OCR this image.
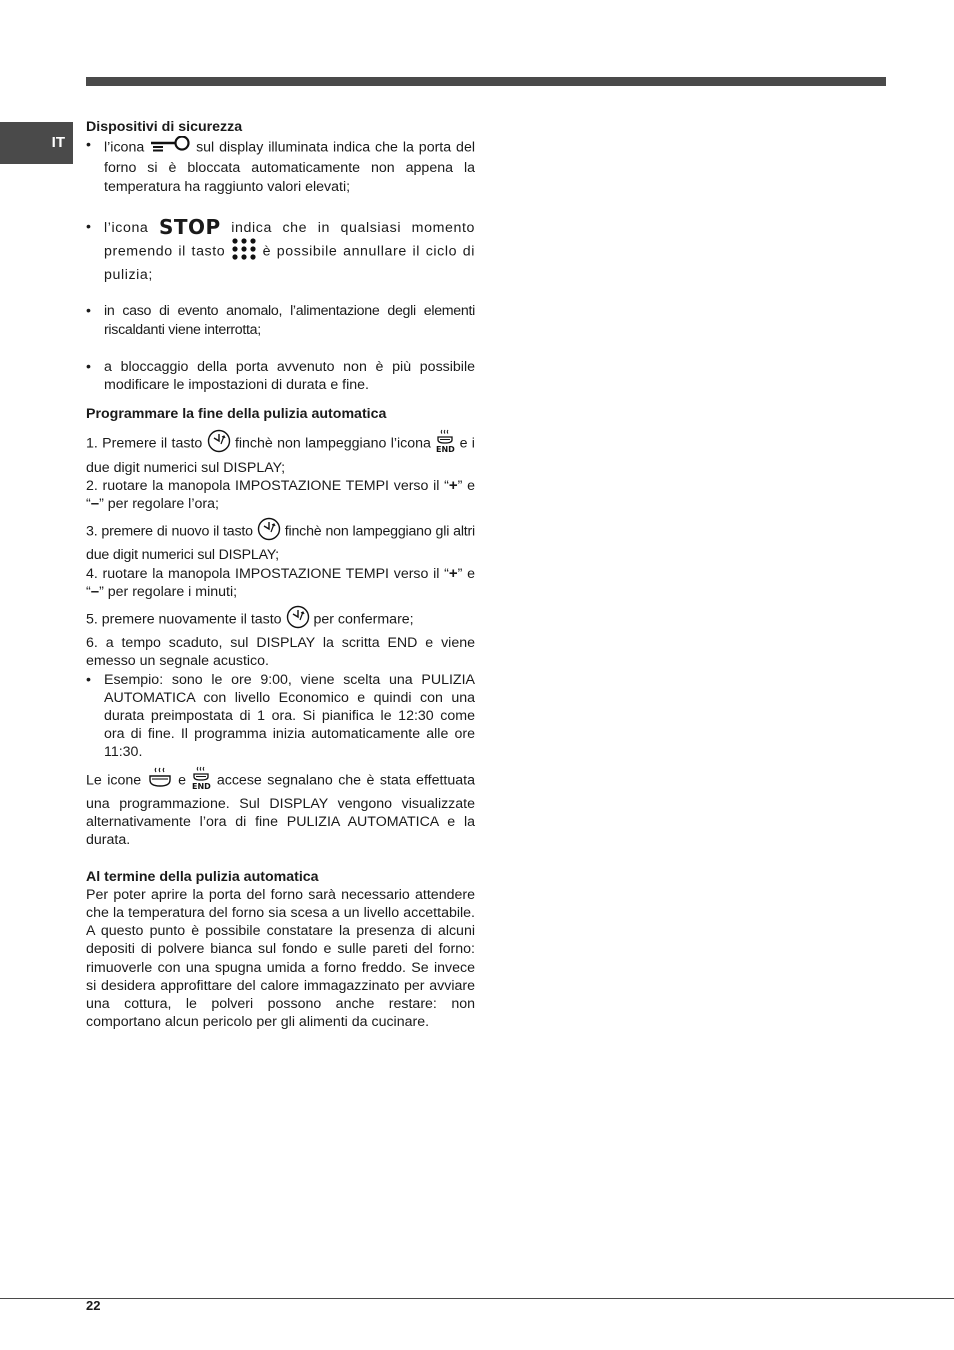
IT
Dispositivi di sicurezza
• l’icona	sul display illuminata indica che la porta del forno si è bloccata automaticamente non appena la temperatura ha raggiunto valori elevati;
• l’icona STOP indica che in qualsiasi momento premendo il tasto	è possibile annullare il ciclo di pulizia;
• in caso di evento anomalo, l’alimentazione degli elementi riscaldanti viene interrotta;
• a bloccaggio della porta avvenuto non è più possibile modificare le impostazioni di durata e fine.
Programmare la fine della pulizia automatica

1. Premere il tasto finchè non lampeggiano l’icona END e i due digit numerici sul DISPLAY;

2. ruotare la manopola IMPOSTAZIONE TEMPI verso il “+” e “–” per regolare l’ora;

3. premere di nuovo il tasto finchè non lampeggiano gli altri due digit numerici sul DISPLAY;

4. ruotare la manopola IMPOSTAZIONE TEMPI verso il “+” e “–” per regolare i minuti;

5. premere nuovamente il tasto per confermare;

6. a tempo scaduto, sul DISPLAY la scritta END e viene emesso un segnale acustico.

• Esempio: sono le ore 9:00, viene scelta una PULIZIA AUTOMATICA con livello Economico e quindi con una durata preimpostata di 1 ora. Si pianifica le 12:30 come ora di fine. Il programma inizia automaticamente alle ore 11:30.

Le icone	e END accese segnalano che è stata effettuata una programmazione. Sul DISPLAY vengono visualizzate alternativamente l’ora di fine PULIZIA AUTOMATICA e la durata.

Al termine della pulizia automatica

Per poter aprire la porta del forno sarà necessario attendere che la temperatura del forno sia scesa a un livello accettabile. A questo punto è possibile constatare la presenza di alcuni depositi di polvere bianca sul fondo e sulle pareti del forno: rimuoverle con una spugna umida a forno freddo. Se invece si desidera approfittare del calore immagazzinato per avviare una cottura, le polveri possono anche restare: non comportano alcun pericolo per gli alimenti da cucinare.

22
